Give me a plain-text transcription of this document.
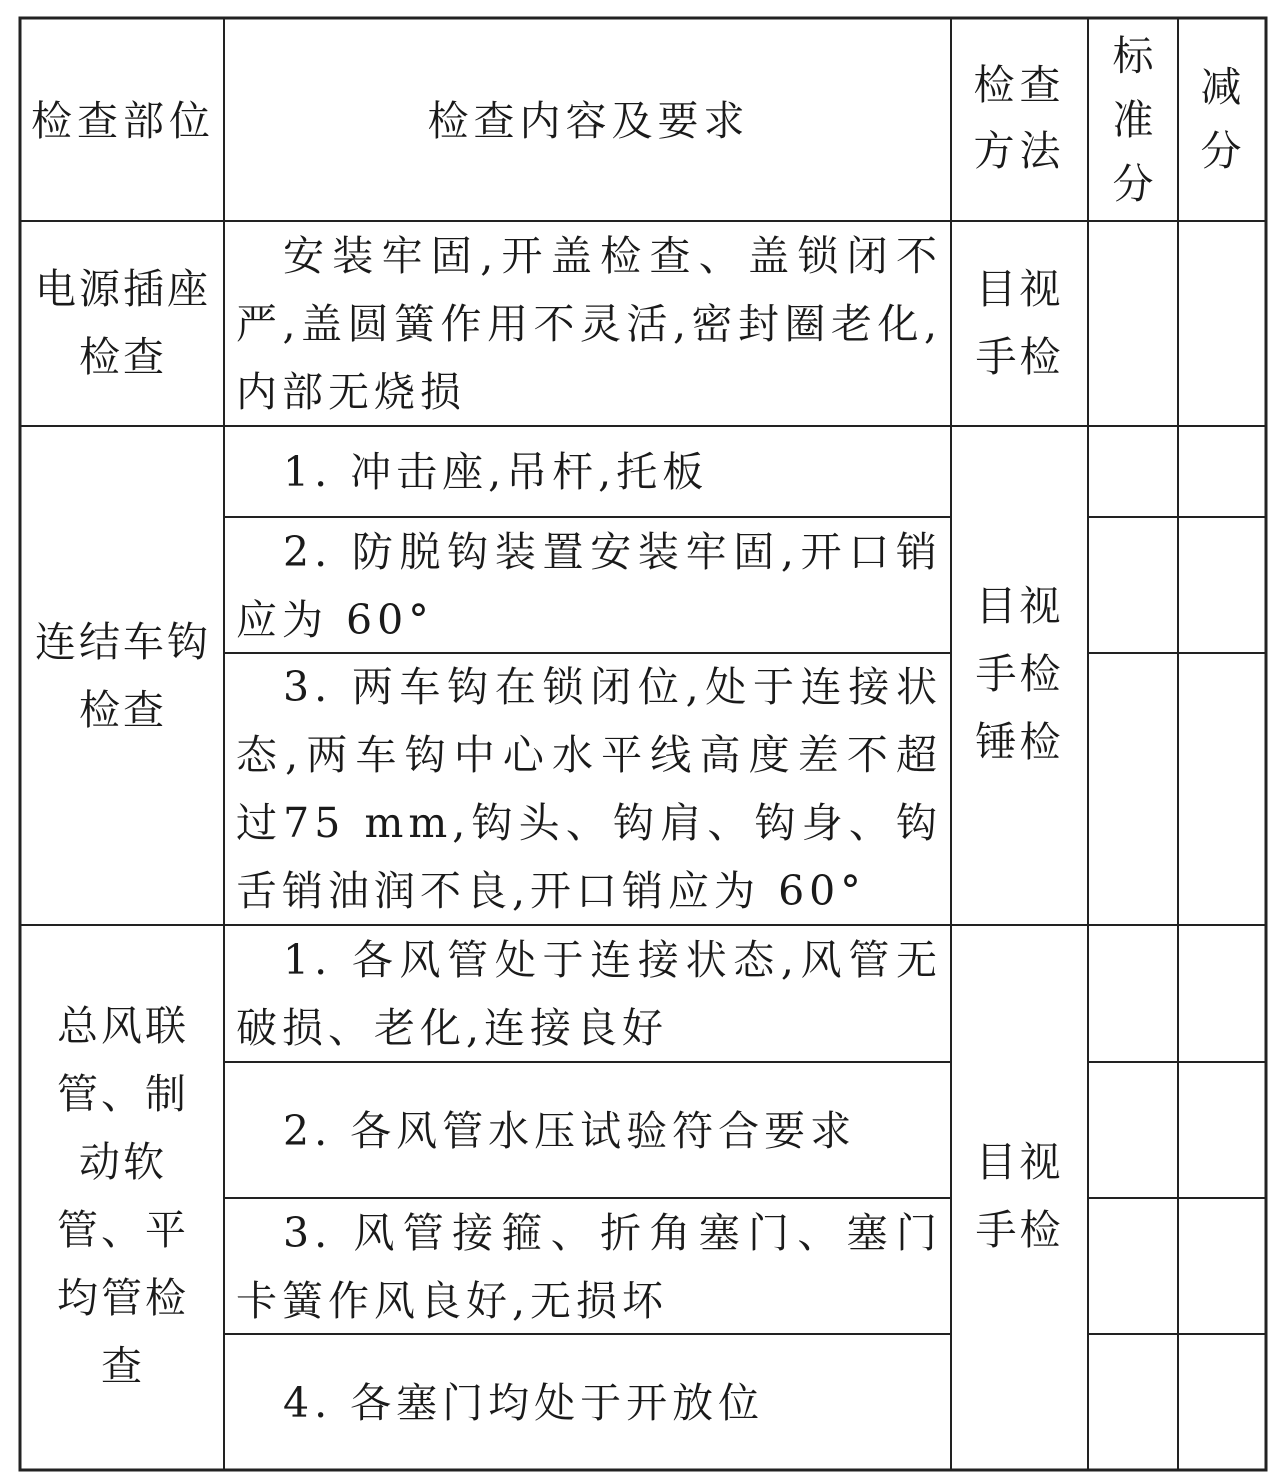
检查部位	检查内容及要求
检查方法
标准分
减分
电源插座检查
安装牢固,开盖检查、盖锁闭不严,盖圆簧作用不灵活,密封圈老化,内部无烧损
目视手检
连结车钩检查
1. 冲击座,吊杆,托板
2. 防脱钩装置安装牢固,开口销应为 60°
3. 两车钩在锁闭位,处于连接状态,两车钩中心水平线高度差不超过75 mm,钩头、钩肩、钩身、钩舌销油润不良,开口销应为 60°
目视手检锤检
总风联管、制动软管、平均管检查
1. 各风管处于连接状态,风管无破损、老化,连接良好
2. 各风管水压试验符合要求
3. 风管接箍、折角塞门、塞门卡簧作风良好,无损坏
4. 各塞门均处于开放位
目视手检
